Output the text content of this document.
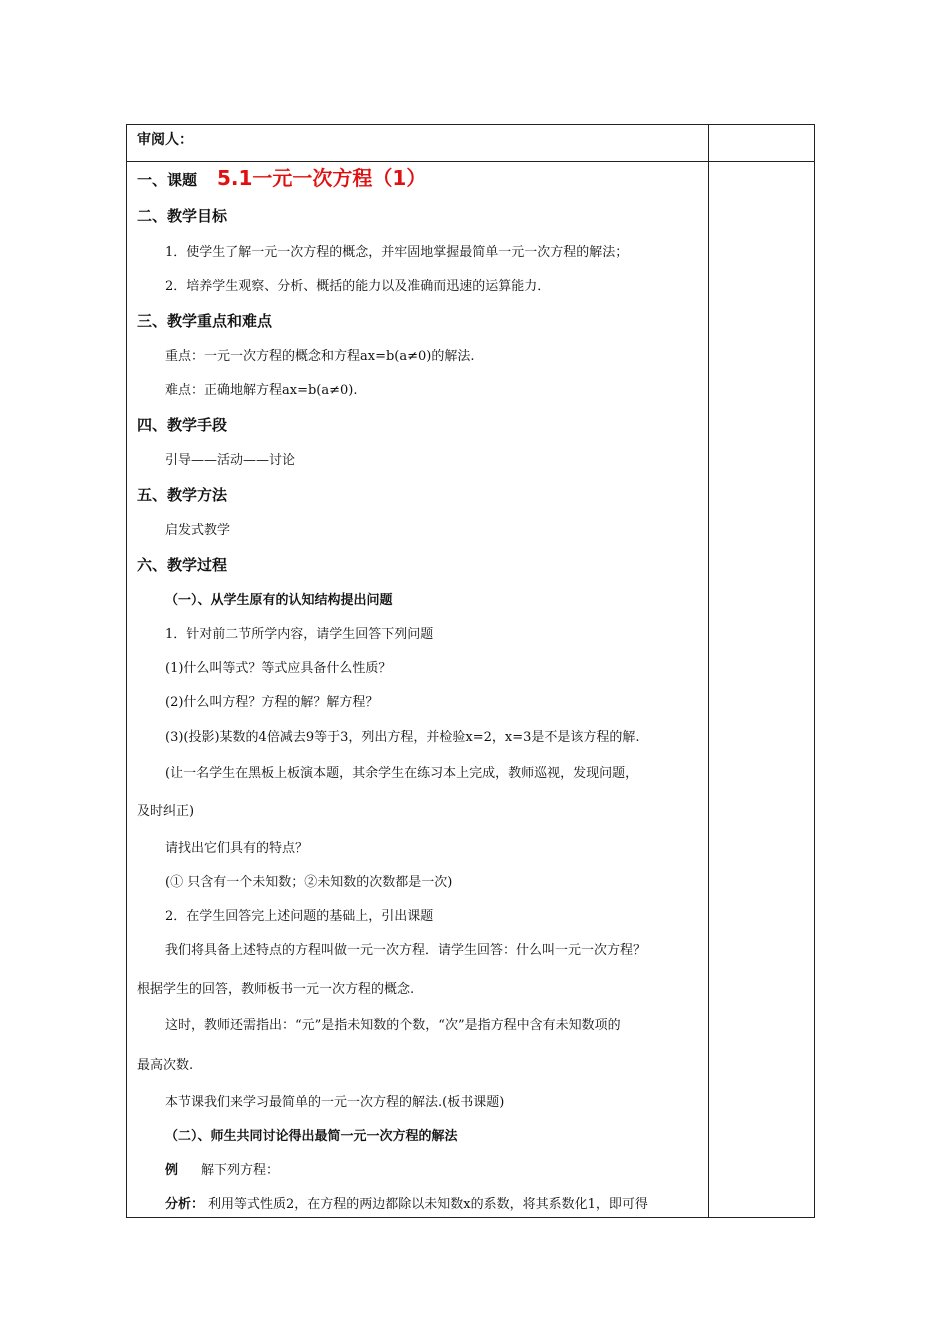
审阅人：
一、课题 5.1一元一次方程（1）
二、教学目标
1．使学生了解一元一次方程的概念，并牢固地掌握最简单一元一次方程的解法；
2．培养学生观察、分析、概括的能力以及准确而迅速的运算能力．
三、教学重点和难点
重点：一元一次方程的概念和方程ax=b(a≠0)的解法.
难点：正确地解方程ax=b(a≠0).
四、教学手段
引导——活动——讨论
五、教学方法
启发式教学
六、教学过程
（一）、从学生原有的认知结构提出问题
1．针对前二节所学内容，请学生回答下列问题
(1)什么叫等式？等式应具备什么性质？
(2)什么叫方程？方程的解？解方程？
(3)(投影)某数的4倍减去9等于3，列出方程，并检验x=2，x=3是不是该方程的解.
(让一名学生在黑板上板演本题，其余学生在练习本上完成，教师巡视，发现问题，
及时纠正)
请找出它们具有的特点？
(① 只含有一个未知数；②未知数的次数都是一次)
2．在学生回答完上述问题的基础上，引出课题
我们将具备上述特点的方程叫做一元一次方程．请学生回答：什么叫一元一次方程？
根据学生的回答，教师板书一元一次方程的概念.
这时，教师还需指出：“元”是指未知数的个数，“次”是指方程中含有未知数项的
最高次数.
本节课我们来学习最简单的一元一次方程的解法.(板书课题)
（二）、师生共同讨论得出最简一元一次方程的解法
例 解下列方程：
分析： 利用等式性质2，在方程的两边都除以未知数x的系数，将其系数化1，即可得
